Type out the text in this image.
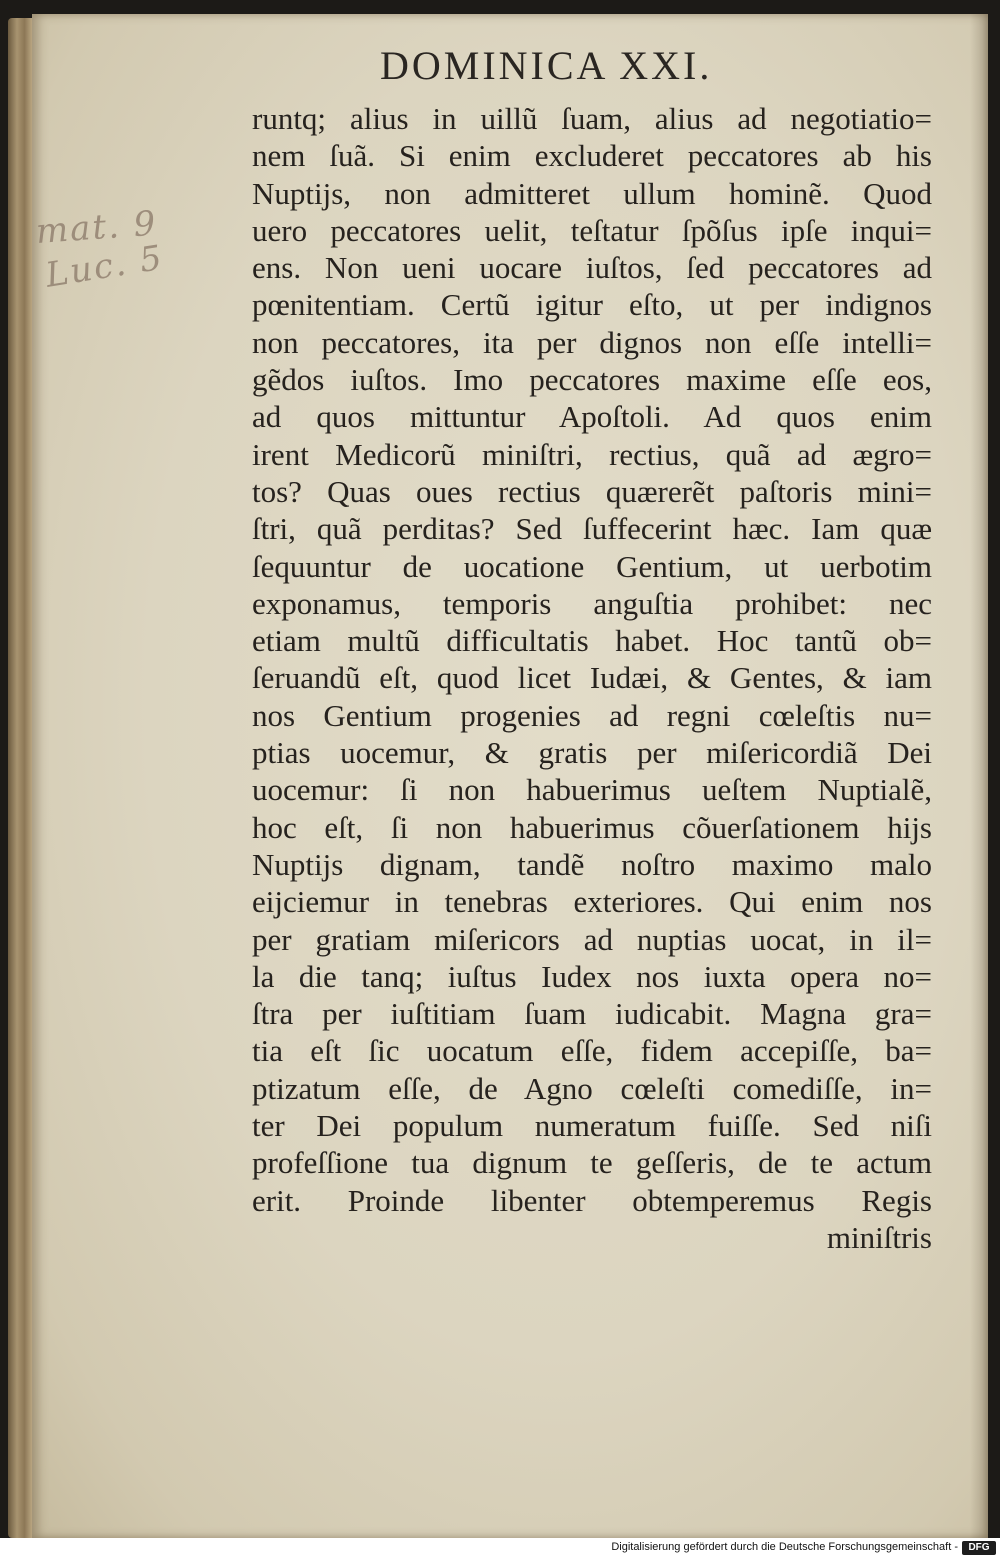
DOMINICA XXI.
mat. 9
Luc. 5
runtq; alius in uillũ ſuam, alius ad negotiatio=
nem ſuã. Si enim excluderet peccatores ab his
Nuptijs, non admitteret ullum hominẽ. Quod
uero peccatores uelit, teſtatur ſpõſus ipſe inqui=
ens. Non ueni uocare iuſtos, ſed peccatores ad
pœnitentiam. Certũ igitur eſto, ut per indignos
non peccatores, ita per dignos non eſſe intelli=
gẽdos iuſtos. Imo peccatores maxime eſſe eos,
ad quos mittuntur Apoſtoli. Ad quos enim
irent Medicorũ miniſtri, rectius, quã ad ægro=
tos? Quas oues rectius quærerẽt paſtoris mini=
ſtri, quã perditas? Sed ſuffecerint hæc. Iam quæ
ſequuntur de uocatione Gentium, ut uerbotim
exponamus, temporis anguſtia prohibet: nec
etiam multũ difficultatis habet. Hoc tantũ ob=
ſeruandũ eſt, quod licet Iudæi, & Gentes, & iam
nos Gentium progenies ad regni cœleſtis nu=
ptias uocemur, & gratis per miſericordiã Dei
uocemur: ſi non habuerimus ueſtem Nuptialẽ,
hoc eſt, ſi non habuerimus cõuerſationem hijs
Nuptijs dignam, tandẽ noſtro maximo malo
eijciemur in tenebras exteriores. Qui enim nos
per gratiam miſericors ad nuptias uocat, in il=
la die tanq; iuſtus Iudex nos iuxta opera no=
ſtra per iuſtitiam ſuam iudicabit. Magna gra=
tia eſt ſic uocatum eſſe, fidem accepiſſe, ba=
ptizatum eſſe, de Agno cœleſti comediſſe, in=
ter Dei populum numeratum fuiſſe. Sed niſi
profeſſione tua dignum te geſſeris, de te actum
erit. Proinde libenter obtemperemus Regis
miniſtris
Digitalisierung gefördert durch die Deutsche Forschungsgemeinschaft -	DFG
